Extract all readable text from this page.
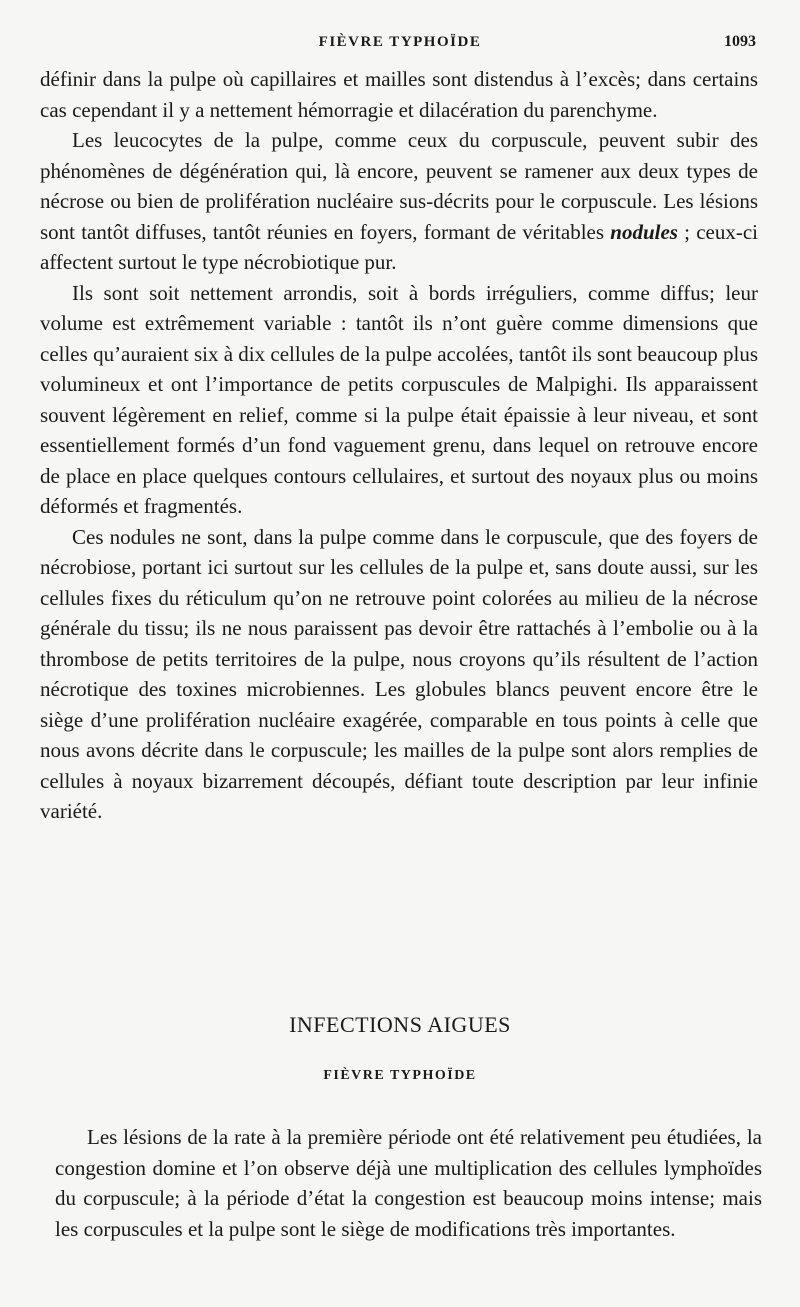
FIÈVRE TYPHOÏDE	1093

définir dans la pulpe où capillaires et mailles sont distendus à l’excès; dans certains cas cependant il y a nettement hémorragie et dilacération du parenchyme.

Les leucocytes de la pulpe, comme ceux du corpuscule, peuvent subir des phénomènes de dégénération qui, là encore, peuvent se ramener aux deux types de nécrose ou bien de prolifération nucléaire sus-décrits pour le corpuscule. Les lésions sont tantôt diffuses, tantôt réunies en foyers, formant de véritables nodules ; ceux-ci affectent surtout le type nécrobiotique pur.

Ils sont soit nettement arrondis, soit à bords irréguliers, comme diffus; leur volume est extrêmement variable : tantôt ils n’ont guère comme dimensions que celles qu’auraient six à dix cellules de la pulpe accolées, tantôt ils sont beaucoup plus volumineux et ont l’importance de petits corpuscules de Malpighi. Ils apparaissent souvent légèrement en relief, comme si la pulpe était épaissie à leur niveau, et sont essentiellement formés d’un fond vaguement grenu, dans lequel on retrouve encore de place en place quelques contours cellulaires, et surtout des noyaux plus ou moins déformés et fragmentés.

Ces nodules ne sont, dans la pulpe comme dans le corpuscule, que des foyers de nécrobiose, portant ici surtout sur les cellules de la pulpe et, sans doute aussi, sur les cellules fixes du réticulum qu’on ne retrouve point colorées au milieu de la nécrose générale du tissu; ils ne nous paraissent pas devoir être rattachés à l’embolie ou à la thrombose de petits territoires de la pulpe, nous croyons qu’ils résultent de l’action nécrotique des toxines microbiennes. Les globules blancs peuvent encore être le siège d’une prolifération nucléaire exagérée, comparable en tous points à celle que nous avons décrite dans le corpuscule; les mailles de la pulpe sont alors remplies de cellules à noyaux bizarrement découpés, défiant toute description par leur infinie variété.

INFECTIONS AIGUES
FIÈVRE TYPHOÏDE

Les lésions de la rate à la première période ont été relativement peu étudiées, la congestion domine et l’on observe déjà une multiplication des cellules lymphoïdes du corpuscule; à la période d’état la congestion est beaucoup moins intense; mais les corpuscules et la pulpe sont le siège de modifications très importantes.
